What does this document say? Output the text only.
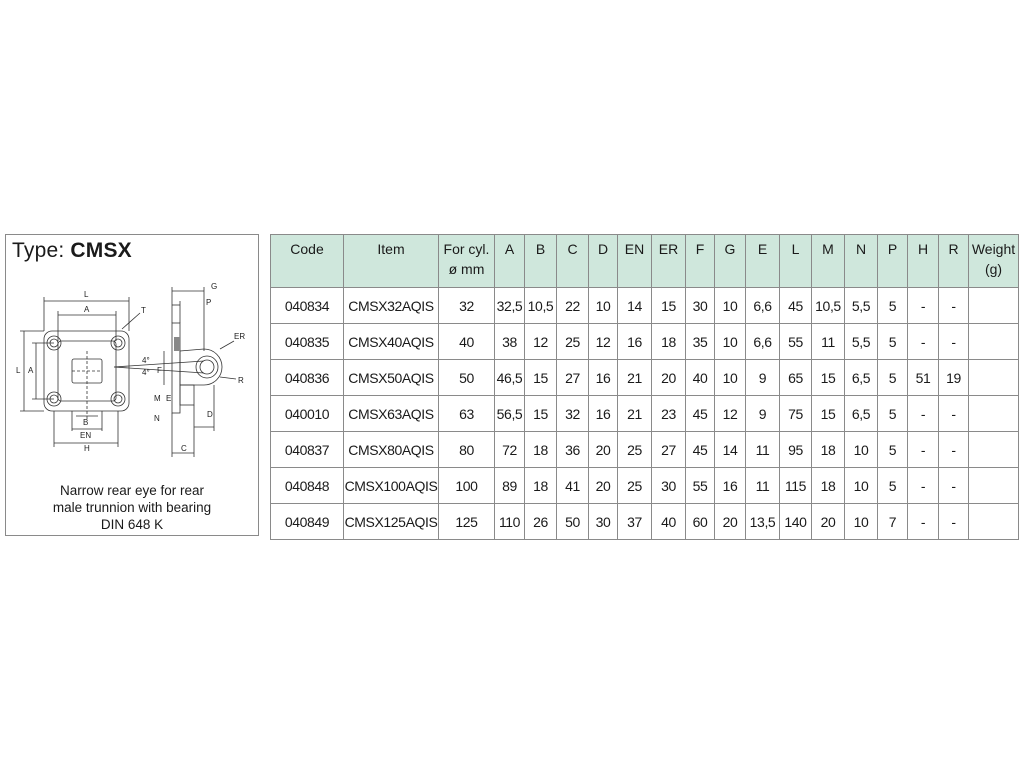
Type: CMSX
L
A	T
L A
B
EN
H
G
P
ER
F
R
4°
4°
M E
D
N
C
Narrow rear eye for rear
male trunnion with bearing
DIN 648 K
Code	Item	For cyl.
ø mm	A	B	C	D	EN	ER	F	G	E	L	M	N	P	H	R	Weight
(g)

040834	CMSX32AQIS	32	32,5	10,5	22	10	14	15	30	10	6,6	45	10,5	5,5	5	-	-	
040835	CMSX40AQIS	40	38	12	25	12	16	18	35	10	6,6	55	11	5,5	5	-	-	
040836	CMSX50AQIS	50	46,5	15	27	16	21	20	40	10	9	65	15	6,5	5	51	19	
040010	CMSX63AQIS	63	56,5	15	32	16	21	23	45	12	9	75	15	6,5	5	-	-	
040837	CMSX80AQIS	80	72	18	36	20	25	27	45	14	11	95	18	10	5	-	-	
040848	CMSX100AQIS	100	89	18	41	20	25	30	55	16	11	115	18	10	5	-	-	
040849	CMSX125AQIS	125	110	26	50	30	37	40	60	20	13,5	140	20	10	7	-	-	
